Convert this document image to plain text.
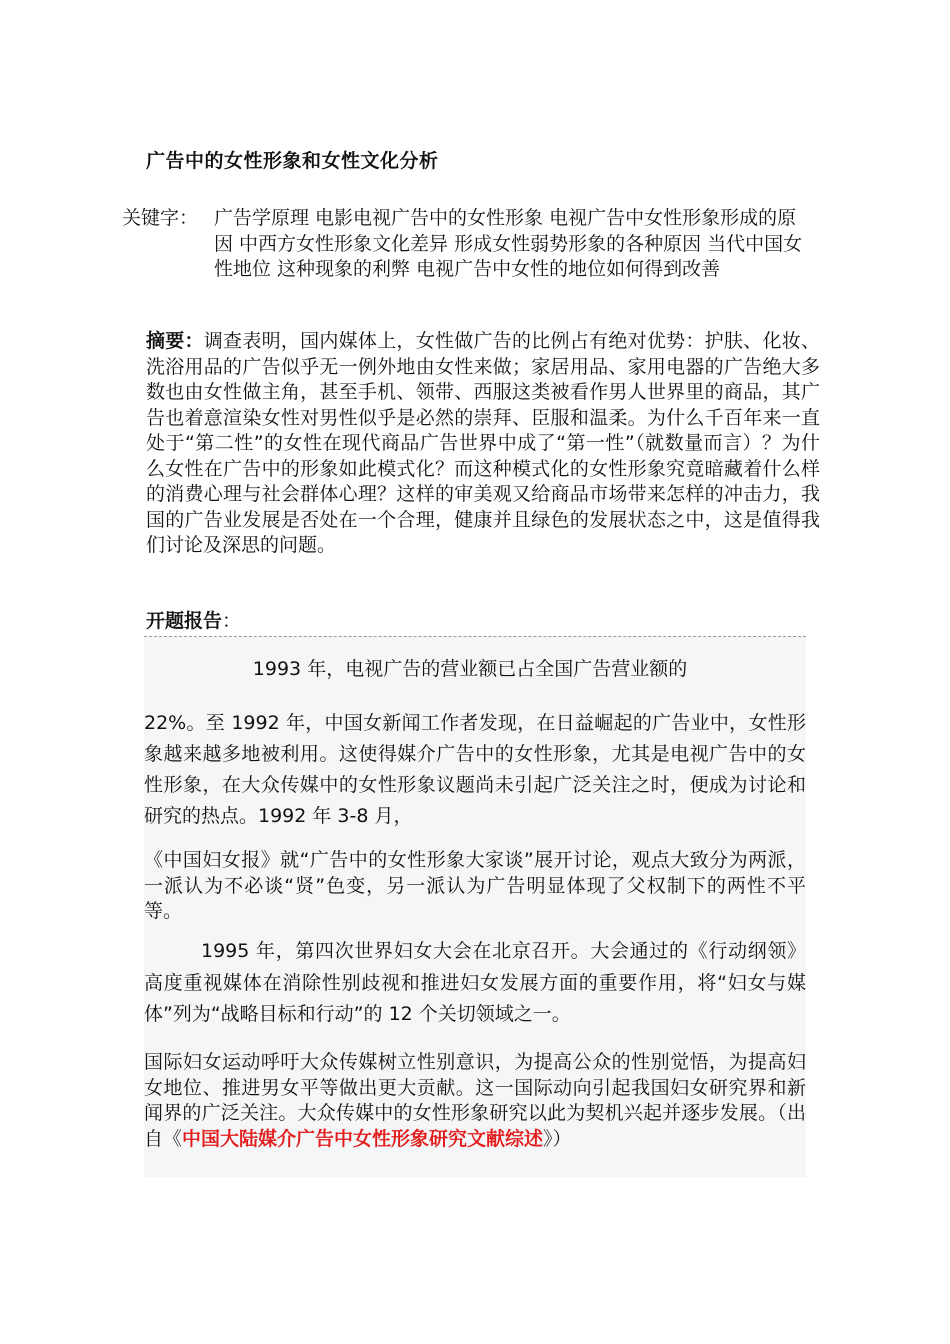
广告中的女性形象和女性文化分析
关键字： 广告学原理 电影电视广告中的女性形象 电视广告中女性形象形成的原因 中西方女性形象文化差异 形成女性弱势形象的各种原因 当代中国女性地位 这种现象的利弊 电视广告中女性的地位如何得到改善
摘要：调查表明，国内媒体上，女性做广告的比例占有绝对优势：护肤、化妆、洗浴用品的广告似乎无一例外地由女性来做；家居用品、家用电器的广告绝大多数也由女性做主角，甚至手机、领带、西服这类被看作男人世界里的商品，其广告也着意渲染女性对男性似乎是必然的崇拜、臣服和温柔。为什么千百年来一直处于“第二性”的女性在现代商品广告世界中成了“第一性”（就数量而言）？为什么女性在广告中的形象如此模式化？而这种模式化的女性形象究竟暗藏着什么样的消费心理与社会群体心理？这样的审美观又给商品市场带来怎样的冲击力，我国的广告业发展是否处在一个合理，健康并且绿色的发展状态之中，这是值得我们讨论及深思的问题。
开题报告：
1993 年，电视广告的营业额已占全国广告营业额的
22%。至 1992 年，中国女新闻工作者发现，在日益崛起的广告业中，女性形象越来越多地被利用。这使得媒介广告中的女性形象，尤其是电视广告中的女性形象，在大众传媒中的女性形象议题尚未引起广泛关注之时，便成为讨论和研究的热点。1992 年 3-8 月，
《中国妇女报》就“广告中的女性形象大家谈”展开讨论，观点大致分为两派，一派认为不必谈“贤”色变，另一派认为广告明显体现了父权制下的两性不平等。
1995 年，第四次世界妇女大会在北京召开。大会通过的《行动纲领》高度重视媒体在消除性别歧视和推进妇女发展方面的重要作用，将“妇女与媒体”列为“战略目标和行动”的 12 个关切领域之一。
国际妇女运动呼吁大众传媒树立性别意识，为提高公众的性别觉悟，为提高妇女地位、推进男女平等做出更大贡献。这一国际动向引起我国妇女研究界和新闻界的广泛关注。大众传媒中的女性形象研究以此为契机兴起并逐步发展。（出自《中国大陆媒介广告中女性形象研究文献综述》）
